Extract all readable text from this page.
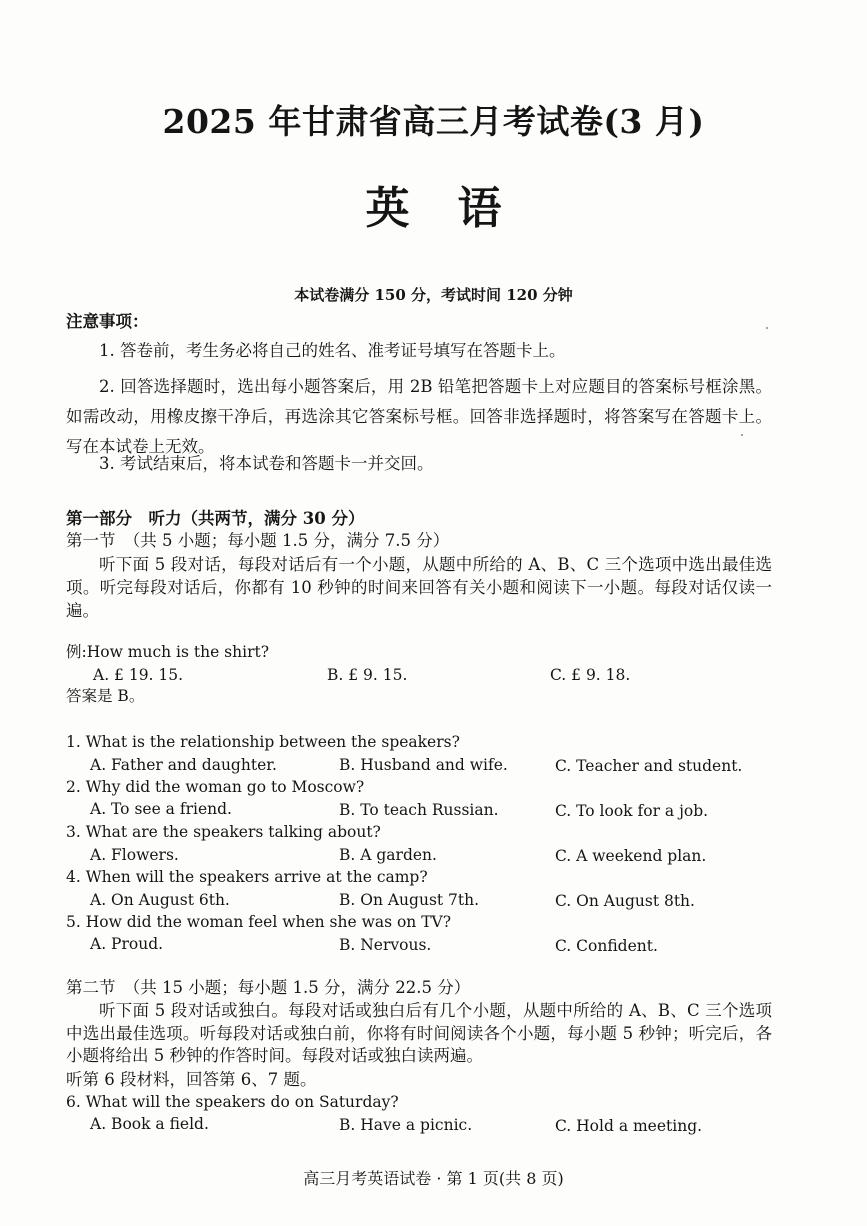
2025 年甘肃省高三月考试卷(3 月)
英语
本试卷满分 150 分，考试时间 120 分钟
注意事项：
1. 答卷前，考生务必将自己的姓名、准考证号填写在答题卡上。
2. 回答选择题时，选出每小题答案后，用 2B 铅笔把答题卡上对应题目的答案标号框涂黑。如需改动，用橡皮擦干净后，再选涂其它答案标号框。回答非选择题时，将答案写在答题卡上。写在本试卷上无效。
3. 考试结束后，将本试卷和答题卡一并交回。
第一部分　听力（共两节，满分 30 分）
第一节　（共 5 小题；每小题 1.5 分，满分 7.5 分）
听下面 5 段对话，每段对话后有一个小题，从题中所给的 A、B、C 三个选项中选出最佳选项。听完每段对话后，你都有 10 秒钟的时间来回答有关小题和阅读下一小题。每段对话仅读一遍。
例:How much is the shirt?
A. £ 19. 15.	B. £ 9. 15.	C. £ 9. 18.
答案是 B。
1. What is the relationship between the speakers?
A. Father and daughter.	B. Husband and wife.	C. Teacher and student.
2. Why did the woman go to Moscow?
A. To see a friend.	B. To teach Russian.	C. To look for a job.
3. What are the speakers talking about?
A. Flowers.	B. A garden.	C. A weekend plan.
4. When will the speakers arrive at the camp?
A. On August 6th.	B. On August 7th.	C. On August 8th.
5. How did the woman feel when she was on TV?
A. Proud.	B. Nervous.	C. Confident.
第二节　（共 15 小题；每小题 1.5 分，满分 22.5 分）
听下面 5 段对话或独白。每段对话或独白后有几个小题，从题中所给的 A、B、C 三个选项中选出最佳选项。听每段对话或独白前，你将有时间阅读各个小题，每小题 5 秒钟；听完后，各小题将给出 5 秒钟的作答时间。每段对话或独白读两遍。
听第 6 段材料，回答第 6、7 题。
6. What will the speakers do on Saturday?
A. Book a field.	B. Have a picnic.	C. Hold a meeting.
高三月考英语试卷 · 第 1 页(共 8 页)
